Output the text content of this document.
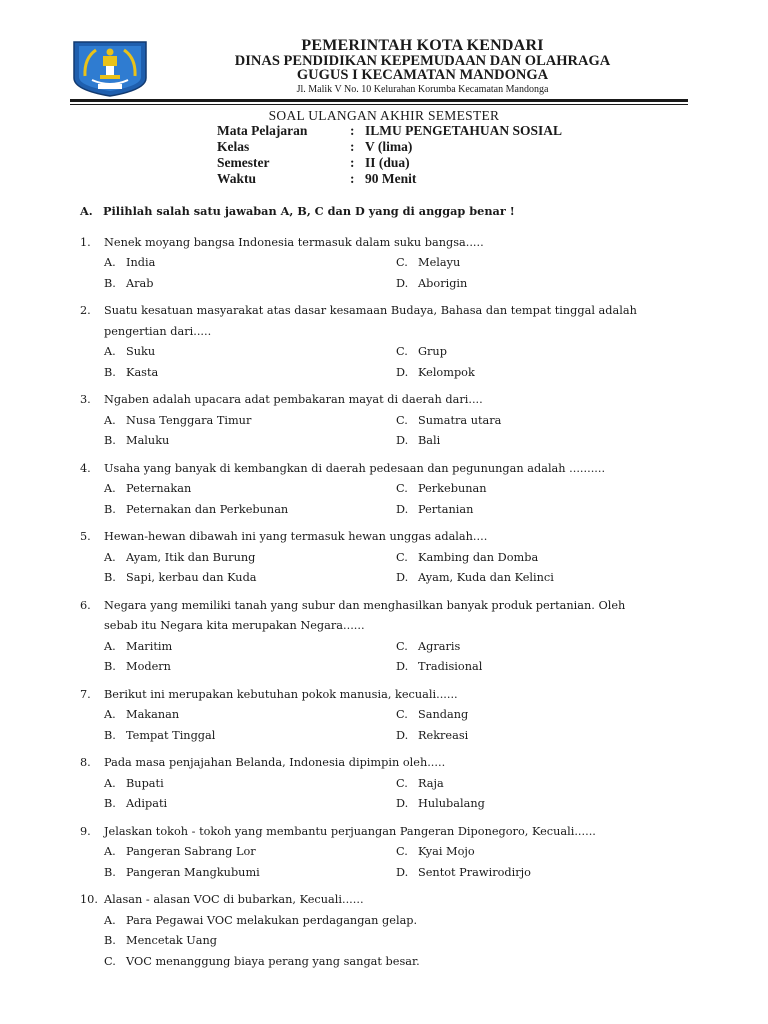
PEMERINTAH KOTA KENDARI
DINAS PENDIDIKAN KEPEMUDAAN DAN OLAHRAGA
GUGUS I KECAMATAN MANDONGA
Jl. Malik V No. 10 Kelurahan Korumba Kecamatan Mandonga
SOAL ULANGAN AKHIR SEMESTER
Mata Pelajaran	: ILMU PENGETAHUAN SOSIAL
Kelas	: V (lima)
Semester	: II (dua)
Waktu	: 90 Menit
A. Pilihlah salah satu jawaban A, B, C dan D yang di anggap benar !
1. Nenek moyang bangsa Indonesia termasuk dalam suku bangsa.....
A. India
B. Arab
C. Melayu
D. Aborigin
2. Suatu kesatuan masyarakat atas dasar kesamaan Budaya, Bahasa dan tempat tinggal adalah
pengertian dari.....
A. Suku
B. Kasta
C. Grup
D. Kelompok
3. Ngaben adalah upacara adat pembakaran mayat di daerah dari....
A. Nusa Tenggara Timur
B. Maluku
C. Sumatra utara
D. Bali
4. Usaha yang banyak di kembangkan di daerah pedesaan dan pegunungan adalah ..........
A. Peternakan
B. Peternakan dan Perkebunan
C. Perkebunan
D. Pertanian
5. Hewan-hewan dibawah ini yang termasuk hewan unggas adalah....
A. Ayam, Itik dan Burung
B. Sapi, kerbau dan Kuda
C. Kambing dan Domba
D. Ayam, Kuda dan Kelinci
6. Negara yang memiliki tanah yang subur dan menghasilkan banyak produk pertanian. Oleh
sebab itu Negara kita merupakan Negara......
A. Maritim
B. Modern
C. Agraris
D. Tradisional
7. Berikut ini merupakan kebutuhan pokok manusia, kecuali......
A. Makanan
B. Tempat Tinggal
C. Sandang
D. Rekreasi
8. Pada masa penjajahan Belanda, Indonesia dipimpin oleh.....
A. Bupati
B. Adipati
C. Raja
D. Hulubalang
9. Jelaskan tokoh - tokoh yang membantu perjuangan Pangeran Diponegoro, Kecuali......
A. Pangeran Sabrang Lor
B. Pangeran Mangkubumi
C. Kyai Mojo
D. Sentot Prawirodirjo
10. Alasan - alasan VOC di bubarkan, Kecuali......
A. Para Pegawai VOC melakukan perdagangan gelap.
B. Mencetak Uang
C. VOC menanggung biaya perang yang sangat besar.
